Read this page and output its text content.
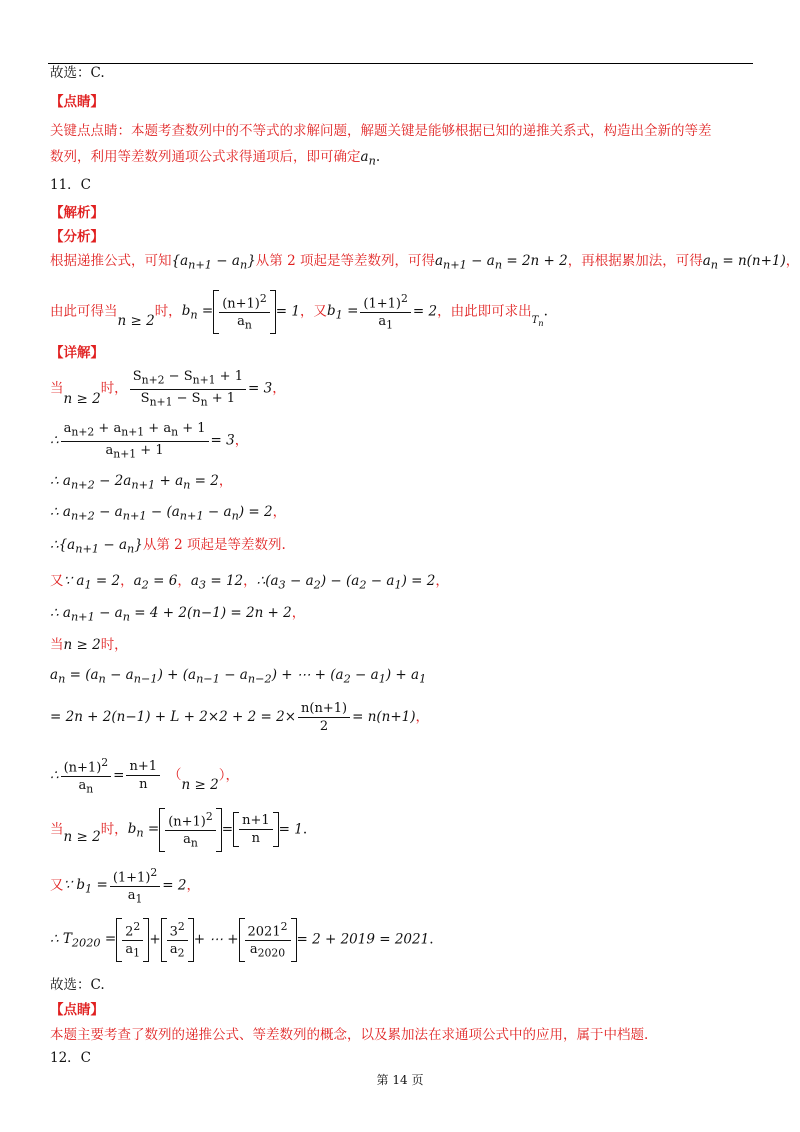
故选：C.
【点睛】
关键点点睛：本题考查数列中的不等式的求解问题，解题关键是能够根据已知的递推关系式，构造出全新的等差
数列，利用等差数列通项公式求得通项后，即可确定$a_n$.
11．C
【解析】
【分析】
根据递推公式，可知$\{a_{n+1} - a_n\}$从第 2 项起是等差数列，可得$a_{n+1} - a_n = 2n + 2$，再根据累加法，可得$a_n = n(n+1)$，
由此可得当n ≥ 2时，$b_n = \frac{(n+1)^2}{a_n} = 1$，又$b_1 = \frac{(1+1)^2}{a_1} = 2$，由此即可求出$_{T_n}$.
【详解】
当n ≥ 2时， $\frac{S_{n+2} - S_{n+1} + 1}{S_{n+1} - S_n + 1} = 3$，
∴ $\frac{a_{n+2} + a_{n+1} + a_n + 1}{a_{n+1} + 1} = 3$，
∴ $a_{n+2} - 2a_{n+1} + a_n = 2$，
∴ $a_{n+2} - a_{n+1} - (a_{n+1} - a_n) = 2$，
$\therefore\{a_{n+1} - a_n\}$从第 2 项起是等差数列.
又∵ $a_1 = 2$，$a_2 = 6$，$a_3 = 12$，$\therefore(a_3 - a_2) - (a_2 - a_1) = 2$，
∴ $a_{n+1} - a_n = 4 + 2(n-1) = 2n + 2$，
当n ≥ 2时，
$a_n = (a_n - a_{n-1}) + (a_{n-1} - a_{n-2})$ + ⋯ + $(a_2 - a_1) + a_1$
= $2n + 2(n-1) + L + 2\times 2 + 2 = 2\times \frac{n(n+1)}{2} = n(n+1)$，
∴ $\frac{(n+1)^2}{a_n} = \frac{n+1}{n} (n \ge 2)$，
当n ≥ 2时，$b_n = \frac{(n+1)^2}{a_n} = \frac{n+1}{n} = 1$.
又∵ $b_1 = \frac{(1+1)^2}{a_1} = 2$，
∴ $T_{2020} = \frac{2^2}{a_1} + \frac{3^2}{a_2}$ + ⋯ + $\frac{2021^2}{a_{2020}} = 2 + 2019 = 2021$.
故选：C.
【点睛】
本题主要考查了数列的递推公式、等差数列的概念，以及累加法在求通项公式中的应用，属于中档题.
12．C
第 14 页
